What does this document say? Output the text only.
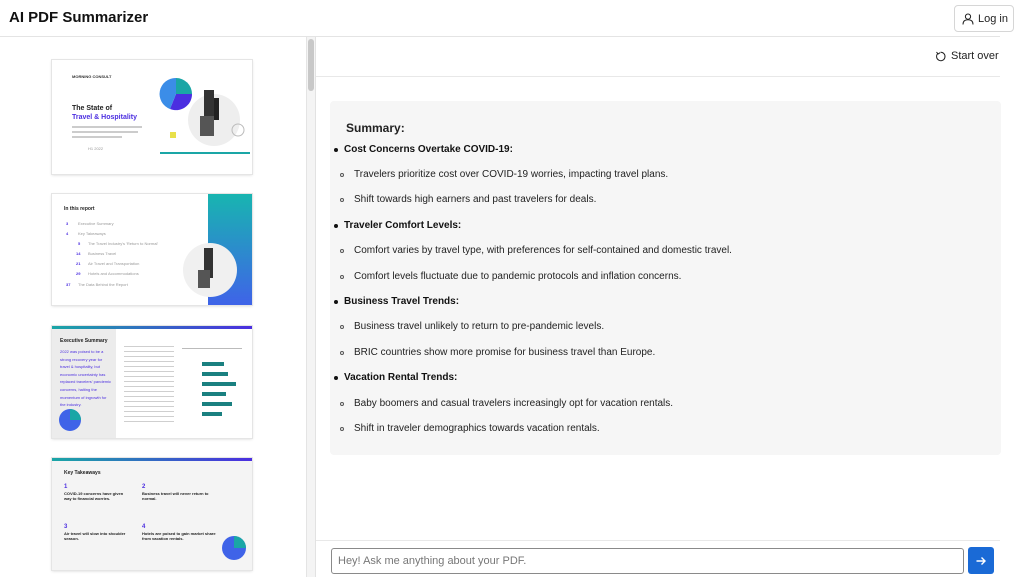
AI PDF Summarizer	Log in
MORNING CONSULT
The State of
Travel & Hospitality
H1 2022
In this report
3 Executive Summary
4 Key Takeaways
5 The Travel Industry's 'Return to Normal'
14 Business Travel
21 Air Travel and Transportation
29 Hotels and Accommodations
37 The Data Behind the Report
Executive Summary
2022 was poised to be a strong recovery year for travel & hospitality, but economic uncertainty has replaced travelers' pandemic concerns, halting the momentum of ingrowth for the industry.
Key Takeaways
1
COVID-19 concerns have given way to financial worries.
2
Business travel will never return to normal.
3
Air travel will slow into shoulder season.
4
Hotels are poised to gain market share from vacation rentals.
Start over
Summary:
Cost Concerns Overtake COVID-19:
Travelers prioritize cost over COVID-19 worries, impacting travel plans.
Shift towards high earners and past travelers for deals.
Traveler Comfort Levels:
Comfort varies by travel type, with preferences for self-contained and domestic travel.
Comfort levels fluctuate due to pandemic protocols and inflation concerns.
Business Travel Trends:
Business travel unlikely to return to pre-pandemic levels.
BRIC countries show more promise for business travel than Europe.
Vacation Rental Trends:
Baby boomers and casual travelers increasingly opt for vacation rentals.
Shift in traveler demographics towards vacation rentals.
Hey! Ask me anything about your PDF.
